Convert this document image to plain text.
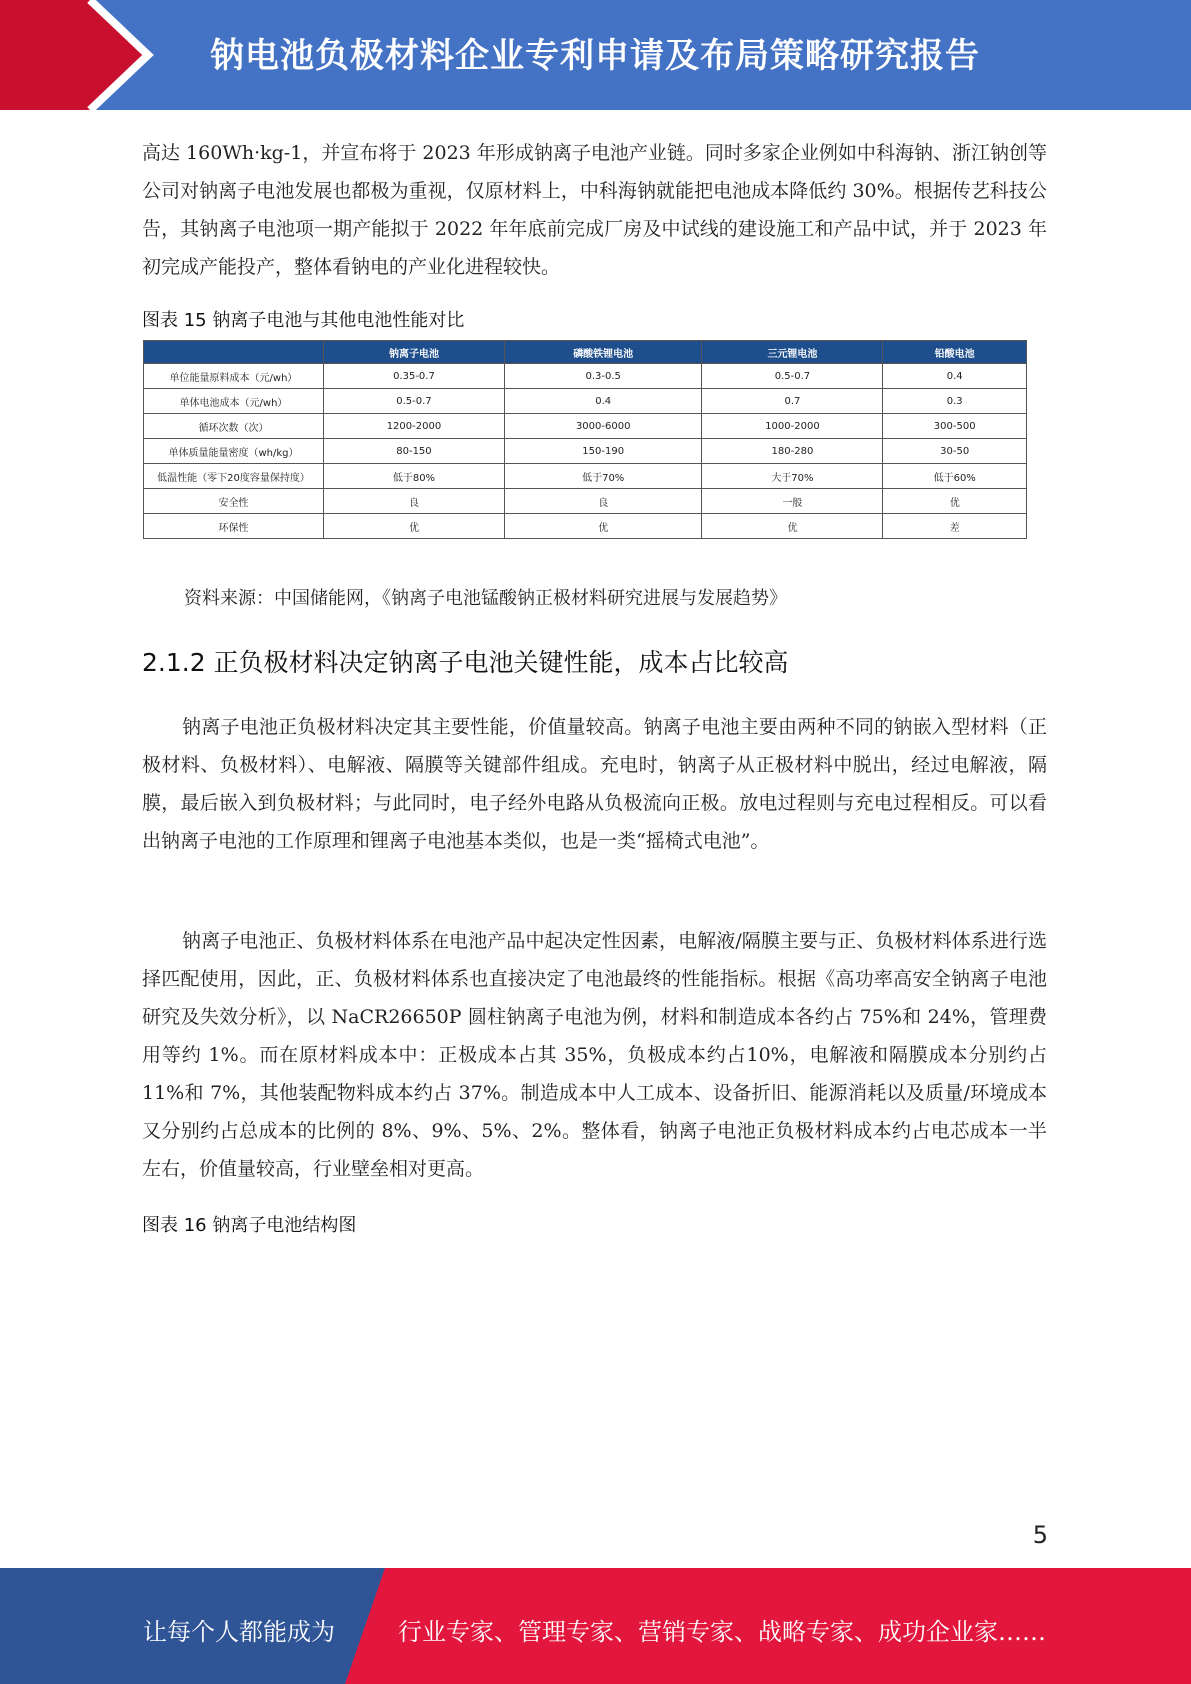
钠电池负极材料企业专利申请及布局策略研究报告
高达 160Wh·kg-1，并宣布将于 2023 年形成钠离子电池产业链。同时多家企业例如中科海钠、浙江钠创等公司对钠离子电池发展也都极为重视，仅原材料上，中科海钠就能把电池成本降低约 30%。根据传艺科技公告，其钠离子电池项一期产能拟于 2022 年年底前完成厂房及中试线的建设施工和产品中试，并于 2023 年初完成产能投产，整体看钠电的产业化进程较快。
图表 15 钠离子电池与其他电池性能对比
	钠离子电池	磷酸铁锂电池	三元锂电池	铅酸电池
单位能量原料成本（元/wh）	0.35-0.7	0.3-0.5	0.5-0.7	0.4
单体电池成本（元/wh）	0.5-0.7	0.4	0.7	0.3
循环次数（次）	1200-2000	3000-6000	1000-2000	300-500
单体质量能量密度（wh/kg）	80-150	150-190	180-280	30-50
低温性能（零下20度容量保持度）	低于80%	低于70%	大于70%	低于60%
安全性	良	良	一般	优
环保性	优	优	优	差
资料来源：中国储能网，《钠离子电池锰酸钠正极材料研究进展与发展趋势》
2.1.2 正负极材料决定钠离子电池关键性能，成本占比较高
钠离子电池正负极材料决定其主要性能，价值量较高。钠离子电池主要由两种不同的钠嵌入型材料（正极材料、负极材料）、电解液、隔膜等关键部件组成。充电时，钠离子从正极材料中脱出，经过电解液，隔膜，最后嵌入到负极材料；与此同时，电子经外电路从负极流向正极。放电过程则与充电过程相反。可以看出钠离子电池的工作原理和锂离子电池基本类似，也是一类“摇椅式电池”。
钠离子电池正、负极材料体系在电池产品中起决定性因素，电解液/隔膜主要与正、负极材料体系进行选择匹配使用，因此，正、负极材料体系也直接决定了电池最终的性能指标。根据《高功率高安全钠离子电池研究及失效分析》，以 NaCR26650P 圆柱钠离子电池为例，材料和制造成本各约占 75%和 24%，管理费用等约 1%。而在原材料成本中：正极成本占其 35%，负极成本约占10%，电解液和隔膜成本分别约占 11%和 7%，其他装配物料成本约占 37%。制造成本中人工成本、设备折旧、能源消耗以及质量/环境成本又分别约占总成本的比例的 8%、9%、5%、2%。整体看，钠离子电池正负极材料成本约占电芯成本一半左右，价值量较高，行业壁垒相对更高。
图表 16 钠离子电池结构图
5
让每个人都能成为	行业专家、管理专家、营销专家、战略专家、成功企业家……
